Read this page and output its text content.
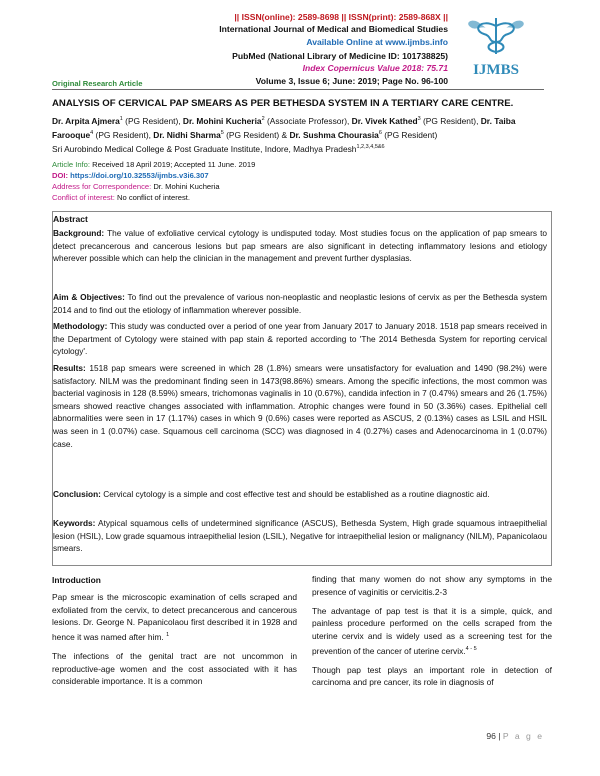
|| ISSN(online): 2589-8698 || ISSN(print): 2589-868X ||
International Journal of Medical and Biomedical Studies
Available Online at www.ijmbs.info
PubMed (National Library of Medicine ID: 101738825)
Index Copernicus Value 2018: 75.71
Original Research Article	Volume 3, Issue 6; June: 2019; Page No. 96-100
IJMBS
ANALYSIS OF CERVICAL PAP SMEARS AS PER BETHESDA SYSTEM IN A TERTIARY CARE CENTRE.
Dr. Arpita Ajmera$^1$ (PG Resident), Dr. Mohini Kucheria$^2$ (Associate Professor), Dr. Vivek Kathed$^3$ (PG Resident), Dr. Taiba Farooque$^4$ (PG Resident), Dr. Nidhi Sharma$^5$ (PG Resident) & Dr. Sushma Chourasia$^6$ (PG Resident)
Sri Aurobindo Medical College & Post Graduate Institute, Indore, Madhya Pradesh$^{1,2,3,4,5\&6}$
Article Info: Received 18 April 2019; Accepted 11 June. 2019
DOI: https://doi.org/10.32553/ijmbs.v3i6.307
Address for Correspondence: Dr. Mohini Kucheria
Conflict of interest: No conflict of interest.
Abstract
Background: The value of exfoliative cervical cytology is undisputed today. Most studies focus on the application of pap smears to detect precancerous and cancerous lesions but pap smears are also significant in detecting inflammatory lesions and etiology wherever possible which can help the clinician in the management and prevent further dysplasias.
Aim & Objectives: To find out the prevalence of various non-neoplastic and neoplastic lesions of cervix as per the Bethesda system 2014 and to find out the etiology of inflammation wherever possible.
Methodology: This study was conducted over a period of one year from January 2017 to January 2018. 1518 pap smears received in the Department of Cytology were stained with pap stain & reported according to 'The 2014 Bethesda System for reporting cervical cytology'.
Results: 1518 pap smears were screened in which 28 (1.8%) smears were unsatisfactory for evaluation and 1490 (98.2%) were satisfactory. NILM was the predominant finding seen in 1473(98.86%) smears. Among the specific infections, the most common was bacterial vaginosis in 128 (8.59%) smears, trichomonas vaginalis in 10 (0.67%), candida infection in 7 (0.47%) smears and 26 (1.75%) smears showed reactive changes associated with inflammation. Atrophic changes were found in 50 (3.36%) cases. Epithelial cell abnormalities were seen in 17 (1.17%) cases in which 9 (0.6%) cases were reported as ASCUS, 2 (0.13%) cases as LSIL and HSIL was seen in 1 (0.07%) case. Squamous cell carcinoma (SCC) was diagnosed in 4 (0.27%) cases and Adenocarcinoma in 1 (0.07%) case.
Conclusion: Cervical cytology is a simple and cost effective test and should be established as a routine diagnostic aid.
Keywords: Atypical squamous cells of undetermined significance (ASCUS), Bethesda System, High grade squamous intraepithelial lesion (HSIL), Low grade squamous intraepithelial lesion (LSIL), Negative for intraepithelial lesion or malignancy (NILM), Papanicolaou smears.

Introduction

Pap smear is the microscopic examination of cells scraped and exfoliated from the cervix, to detect precancerous and cancerous lesions. Dr. George N. Papanicolaou first described it in 1928 and hence it was named after him. $^1$

The infections of the genital tract are not uncommon in reproductive-age women and the cost associated with it has considerable importance. It is a common

finding that many women do not show any symptoms in the presence of vaginitis or cervicitis.2-3

The advantage of pap test is that it is a simple, quick, and painless procedure performed on the cells scraped from the uterine cervix and is widely used as a screening test for the prevention of the cancer of uterine cervix.$^{4 - 5}$

Though pap test plays an important role in detection of carcinoma and pre cancer, its role in diagnosis of

96 | P a g e
